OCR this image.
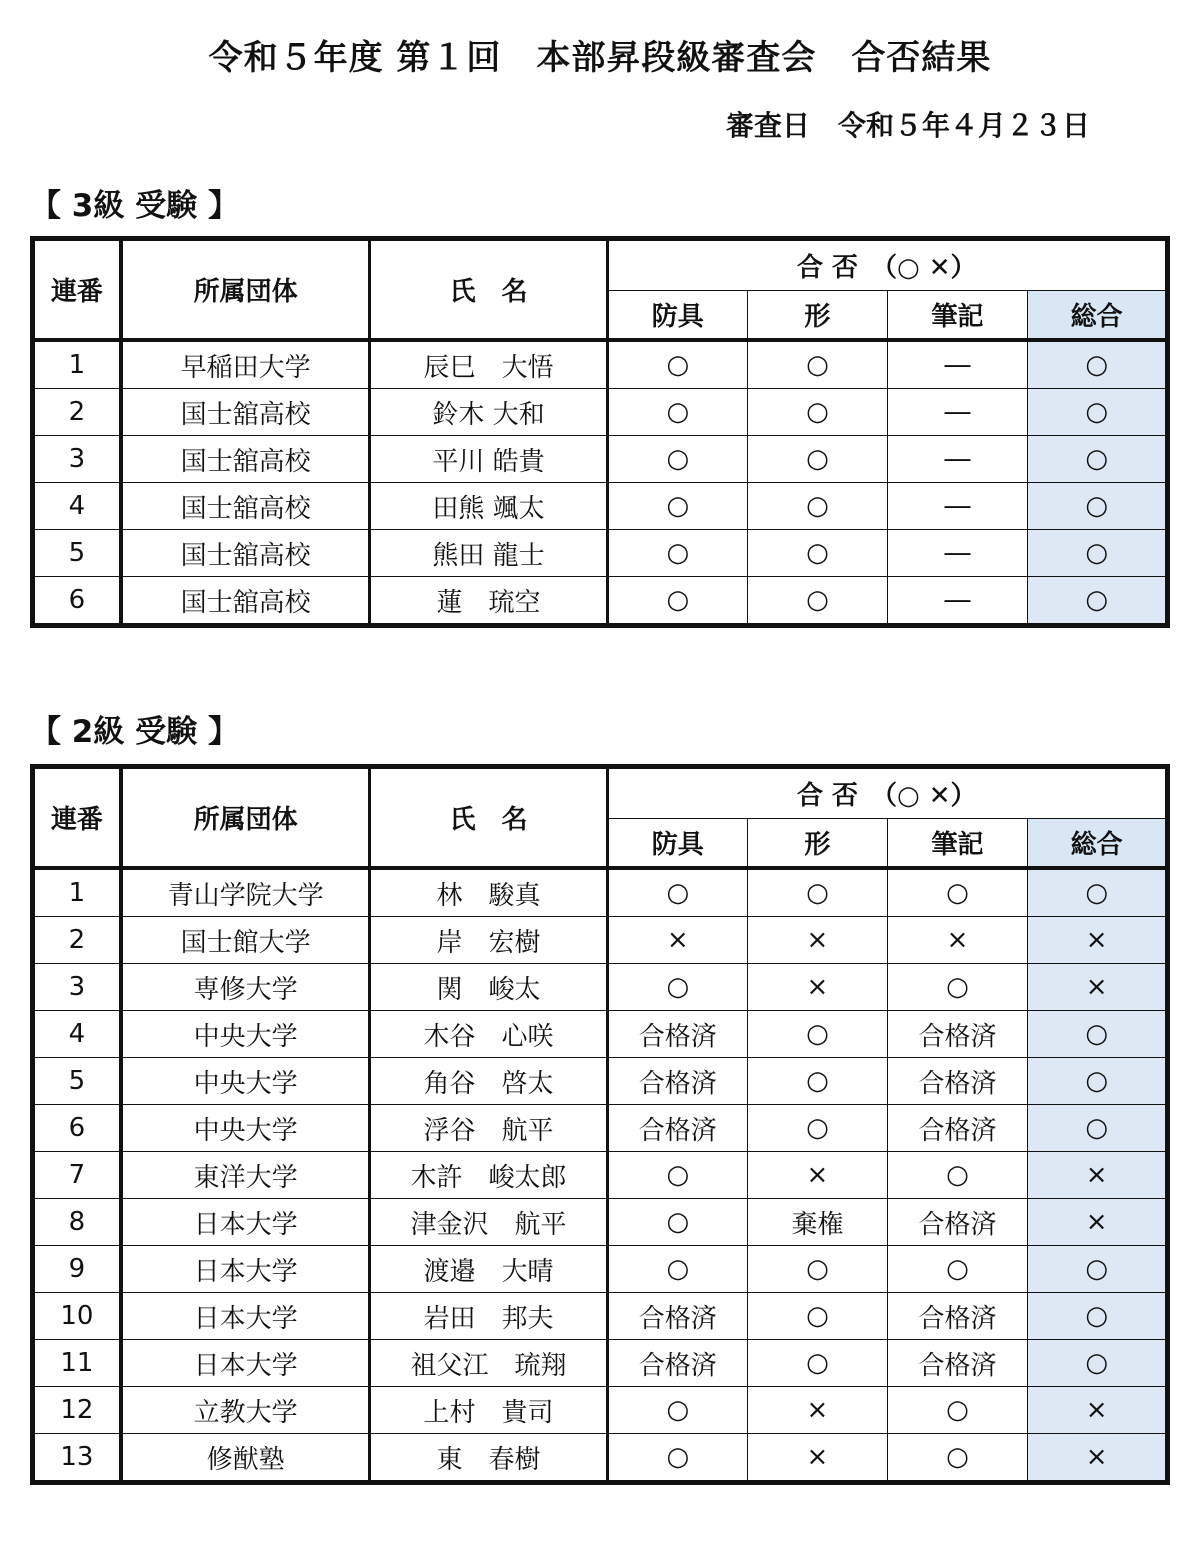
令和５年度 第１回　本部昇段級審査会　合否結果
審査日　令和５年４月２３日
【 3級 受験 】
連番	所属団体	氏　名	合 否　（○ ✕）			
			防具	形	筆記	総合
1	早稲田大学	辰巳　大悟	○	○	―	○
2	国士舘高校	鈴木 大和	○	○	―	○
3	国士舘高校	平川 皓貴	○	○	―	○
4	国士舘高校	田熊 颯太	○	○	―	○
5	国士舘高校	熊田 龍士	○	○	―	○
6	国士舘高校	蓮　琉空	○	○	―	○
【 2級 受験 】
連番	所属団体	氏　名	合 否　（○ ✕）			
			防具	形	筆記	総合
1	青山学院大学	林　駿真	○	○	○	○
2	国士館大学	岸　宏樹	×	×	×	×
3	専修大学	関　峻太	○	×	○	×
4	中央大学	木谷　心咲	合格済	○	合格済	○
5	中央大学	角谷　啓太	合格済	○	合格済	○
6	中央大学	浮谷　航平	合格済	○	合格済	○
7	東洋大学	木許　峻太郎	○	×	○	×
8	日本大学	津金沢　航平	○	棄権	合格済	×
9	日本大学	渡邉　大晴	○	○	○	○
10	日本大学	岩田　邦夫	合格済	○	合格済	○
11	日本大学	祖父江　琉翔	合格済	○	合格済	○
12	立教大学	上村　貴司	○	×	○	×
13	修猷塾	東　春樹	○	×	○	×
